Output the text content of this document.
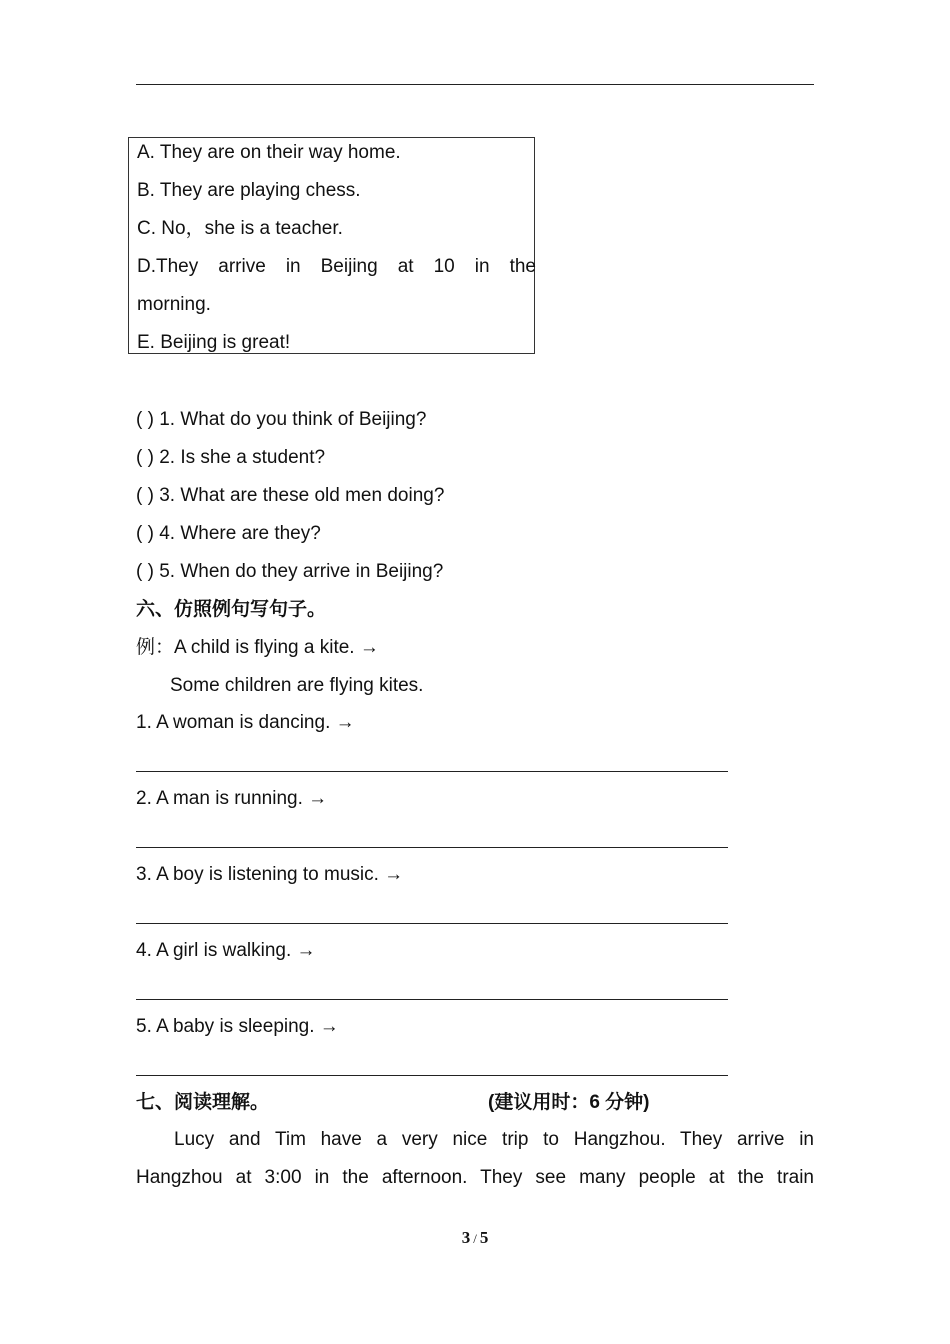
A. They are on their way home.
B. They are playing chess.
C. No，she is a teacher.
D.They arrive in Beijing at 10 in the
morning.
E. Beijing is great!
( ) 1. What do you think of Beijing?
( ) 2. Is she a student?
( ) 3. What are these old men doing?
( ) 4. Where are they?
( ) 5. When do they arrive in Beijing?
六、仿照例句写句子。
例：A child is flying a kite. →
Some children are flying kites.
1. A woman is dancing. →
2. A man is running. →
3. A boy is listening to music. →
4. A girl is walking. →
5. A baby is sleeping. →
七、阅读理解。	(建议用时：6 分钟)
Lucy and Tim have a very nice trip to Hangzhou. They arrive in
Hangzhou at 3:00 in the afternoon. They see many people at the train
3 / 5
